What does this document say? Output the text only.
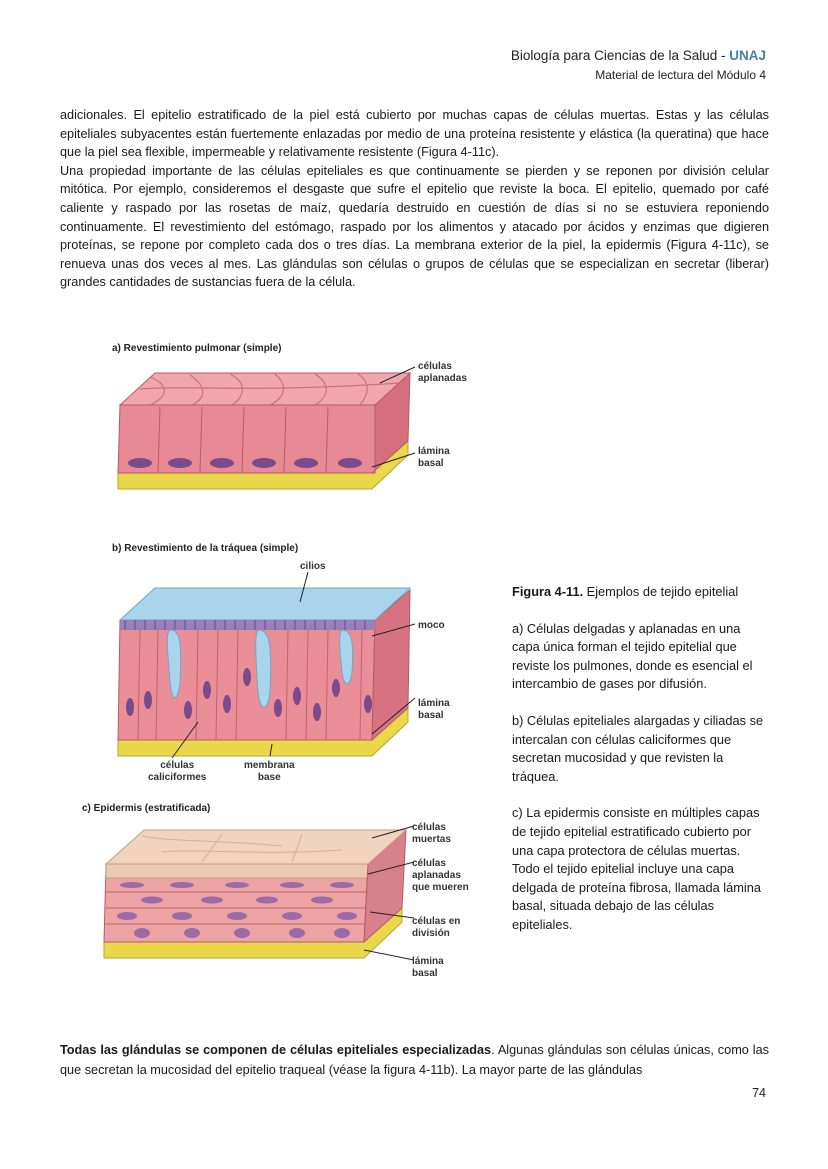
Biología para Ciencias de la Salud - UNAJ
Material de lectura del Módulo 4

adicionales. El epitelio estratificado de la piel está cubierto por muchas capas de células muertas. Estas y las células epiteliales subyacentes están fuertemente enlazadas por medio de una proteína resistente y elástica (la queratina) que hace que la piel sea flexible, impermeable y relativamente resistente (Figura 4-11c).

Una propiedad importante de las células epiteliales es que continuamente se pierden y se reponen por división celular mitótica. Por ejemplo, consideremos el desgaste que sufre el epitelio que reviste la boca. El epitelio, quemado por café caliente y raspado por las rosetas de maíz, quedaría destruido en cuestión de días si no se estuviera reponiendo continuamente. El revestimiento del estómago, raspado por los alimentos y atacado por ácidos y enzimas que digieren proteínas, se repone por completo cada dos o tres días. La membrana exterior de la piel, la epidermis (Figura 4-11c), se renueva unas dos veces al mes. Las glándulas son células o grupos de células que se especializan en secretar (liberar) grandes cantidades de sustancias fuera de la célula.

a) Revestimiento pulmonar (simple)
células
aplanadas
lámina
basal
b) Revestimiento de la tráquea (simple)
cilios
moco
lámina
basal
células
caliciformes
membrana
base
c) Epidermis (estratificada)
células
muertas
células
aplanadas
que mueren
células en
división
lámina
basal

Figura 4-11. Ejemplos de tejido epitelial

a) Células delgadas y aplanadas en una capa única forman el tejido epitelial que reviste los pulmones, donde es esencial el intercambio de gases por difusión.

b) Células epiteliales alargadas y ciliadas se intercalan con células caliciformes que secretan mucosidad y que revisten la tráquea.

c) La epidermis consiste en múltiples capas de tejido epitelial estratificado cubierto por una capa protectora de células muertas. Todo el tejido epitelial incluye una capa delgada de proteína fibrosa, llamada lámina basal, situada debajo de las células epiteliales.

Todas las glándulas se componen de células epiteliales especializadas. Algunas glándulas son células únicas, como las que secretan la mucosidad del epitelio traqueal (véase la figura 4-11b). La mayor parte de las glándulas
74
